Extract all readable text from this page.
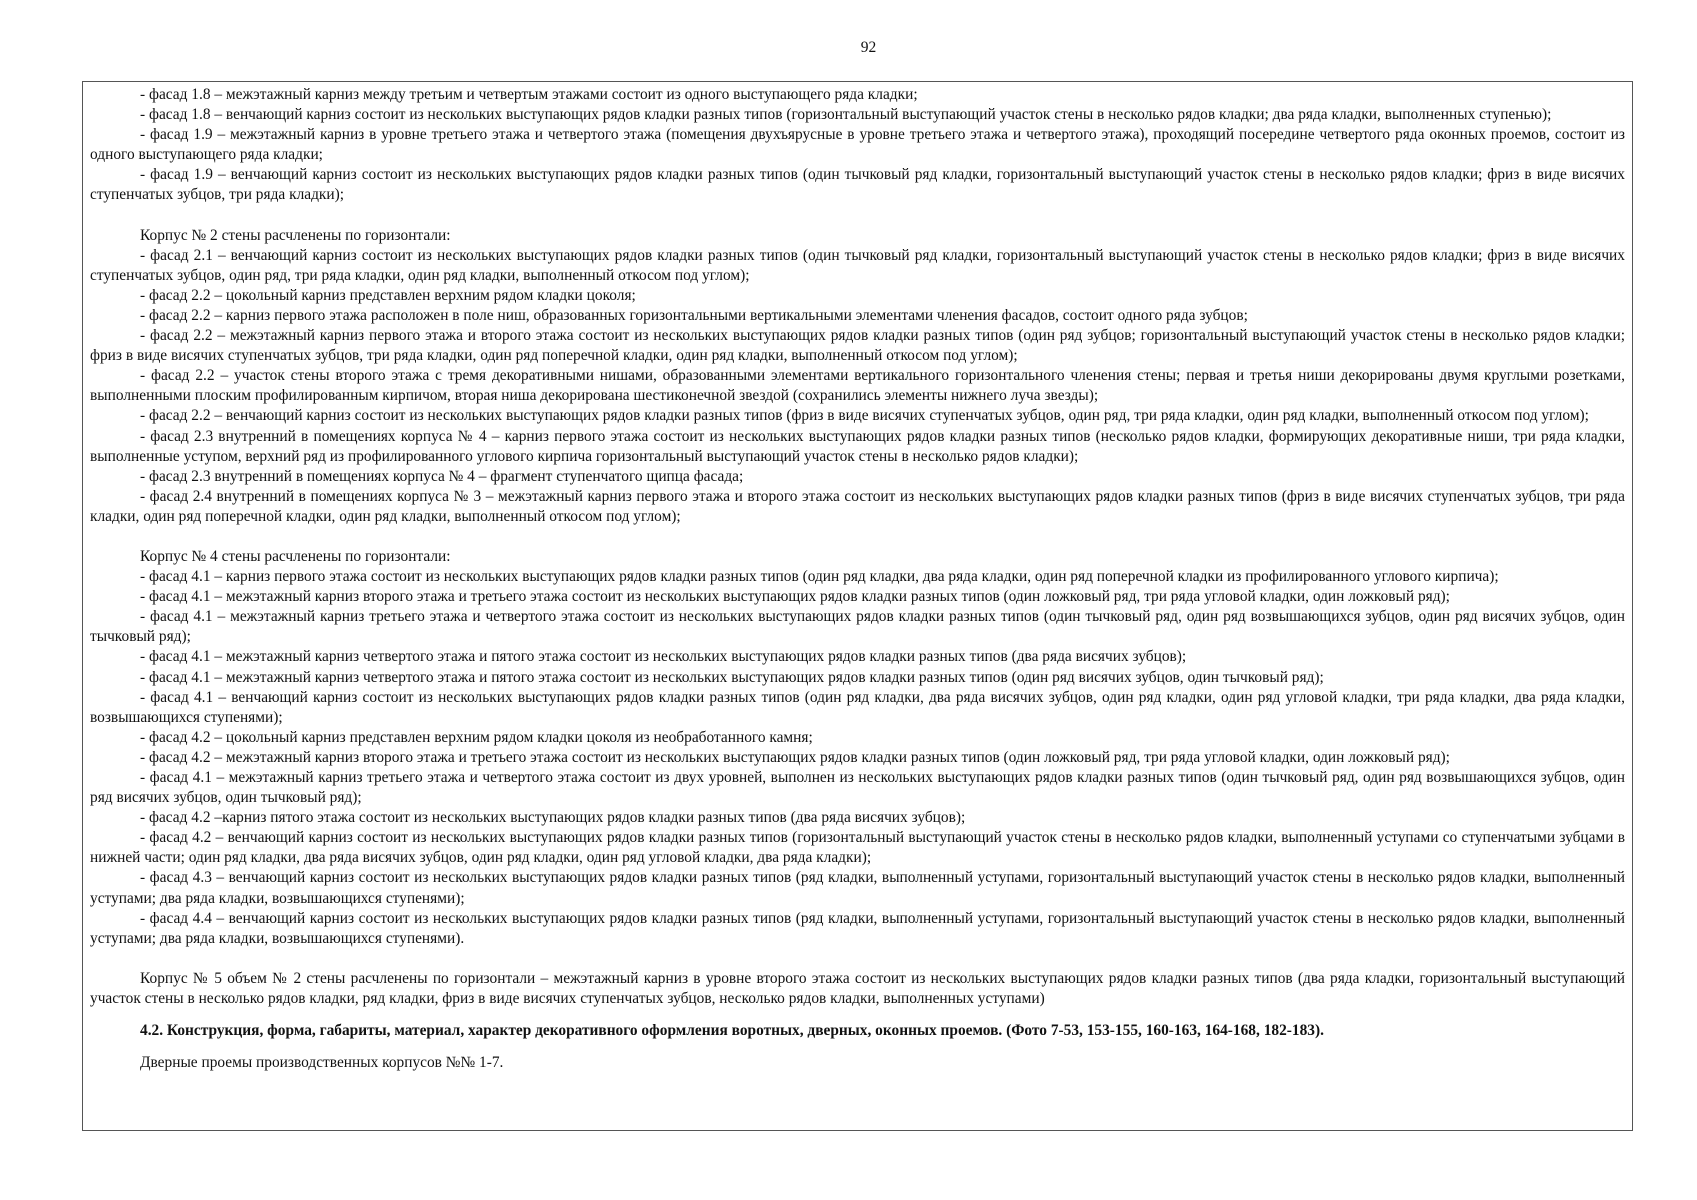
92
- фасад 1.8 – межэтажный карниз между третьим и четвертым этажами состоит из одного выступающего ряда кладки;
- фасад 1.8 – венчающий карниз состоит из нескольких выступающих рядов кладки разных типов (горизонтальный выступающий участок стены в несколько рядов кладки; два ряда кладки, выполненных ступенью);
- фасад 1.9 – межэтажный карниз в уровне третьего этажа и четвертого этажа (помещения двухъярусные в уровне третьего этажа и четвертого этажа), проходящий посередине четвертого ряда оконных проемов, состоит из одного выступающего ряда кладки;
- фасад 1.9 – венчающий карниз состоит из нескольких выступающих рядов кладки разных типов (один тычковый ряд кладки, горизонтальный выступающий участок стены в несколько рядов кладки; фриз в виде висячих ступенчатых зубцов, три ряда кладки);
Корпус № 2 стены расчленены по горизонтали:
- фасад 2.1 – венчающий карниз состоит из нескольких выступающих рядов кладки разных типов (один тычковый ряд кладки, горизонтальный выступающий участок стены в несколько рядов кладки; фриз в виде висячих ступенчатых зубцов, один ряд, три ряда кладки, один ряд кладки, выполненный откосом под углом);
- фасад 2.2 – цокольный карниз представлен верхним рядом кладки цоколя;
- фасад 2.2 – карниз первого этажа расположен в поле ниш, образованных горизонтальными вертикальными элементами членения фасадов, состоит одного ряда зубцов;
- фасад 2.2 – межэтажный карниз первого этажа и второго этажа состоит из нескольких выступающих рядов кладки разных типов (один ряд зубцов; горизонтальный выступающий участок стены в несколько рядов кладки; фриз в виде висячих ступенчатых зубцов, три ряда кладки, один ряд поперечной кладки, один ряд кладки, выполненный откосом под углом);
- фасад 2.2 – участок стены второго этажа с тремя декоративными нишами, образованными элементами вертикального горизонтального членения стены; первая и третья ниши декорированы двумя круглыми розетками, выполненными плоским профилированным кирпичом, вторая ниша декорирована шестиконечной звездой (сохранились элементы нижнего луча звезды);
- фасад 2.2 – венчающий карниз состоит из нескольких выступающих рядов кладки разных типов (фриз в виде висячих ступенчатых зубцов, один ряд, три ряда кладки, один ряд кладки, выполненный откосом под углом);
- фасад 2.3 внутренний в помещениях корпуса № 4 – карниз первого этажа состоит из нескольких выступающих рядов кладки разных типов (несколько рядов кладки, формирующих декоративные ниши, три ряда кладки, выполненные уступом, верхний ряд из профилированного углового кирпича горизонтальный выступающий участок стены в несколько рядов кладки);
- фасад 2.3 внутренний в помещениях корпуса № 4 – фрагмент ступенчатого щипца фасада;
- фасад 2.4 внутренний в помещениях корпуса № 3 – межэтажный карниз первого этажа и второго этажа состоит из нескольких выступающих рядов кладки разных типов (фриз в виде висячих ступенчатых зубцов, три ряда кладки, один ряд поперечной кладки, один ряд кладки, выполненный откосом под углом);
Корпус № 4 стены расчленены по горизонтали:
- фасад 4.1 – карниз первого этажа состоит из нескольких выступающих рядов кладки разных типов (один ряд кладки, два ряда кладки, один ряд поперечной кладки из профилированного углового кирпича);
- фасад 4.1 – межэтажный карниз второго этажа и третьего этажа состоит из нескольких выступающих рядов кладки разных типов (один ложковый ряд, три ряда угловой кладки, один ложковый ряд);
- фасад 4.1 – межэтажный карниз третьего этажа и четвертого этажа состоит из нескольких выступающих рядов кладки разных типов (один тычковый ряд, один ряд возвышающихся зубцов, один ряд висячих зубцов, один тычковый ряд);
- фасад 4.1 – межэтажный карниз четвертого этажа и пятого этажа состоит из нескольких выступающих рядов кладки разных типов (два ряда висячих зубцов);
- фасад 4.1 – межэтажный карниз четвертого этажа и пятого этажа состоит из нескольких выступающих рядов кладки разных типов (один ряд висячих зубцов, один тычковый ряд);
- фасад 4.1 – венчающий карниз состоит из нескольких выступающих рядов кладки разных типов (один ряд кладки, два ряда висячих зубцов, один ряд кладки, один ряд угловой кладки, три ряда кладки, два ряда кладки, возвышающихся ступенями);
- фасад 4.2 – цокольный карниз представлен верхним рядом кладки цоколя из необработанного камня;
- фасад 4.2 – межэтажный карниз второго этажа и третьего этажа состоит из нескольких выступающих рядов кладки разных типов (один ложковый ряд, три ряда угловой кладки, один ложковый ряд);
- фасад 4.1 – межэтажный карниз третьего этажа и четвертого этажа состоит из двух уровней, выполнен из нескольких выступающих рядов кладки разных типов (один тычковый ряд, один ряд возвышающихся зубцов, один ряд висячих зубцов, один тычковый ряд);
- фасад 4.2 –карниз пятого этажа состоит из нескольких выступающих рядов кладки разных типов (два ряда висячих зубцов);
- фасад 4.2 – венчающий карниз состоит из нескольких выступающих рядов кладки разных типов (горизонтальный выступающий участок стены в несколько рядов кладки, выполненный уступами со ступенчатыми зубцами в нижней части; один ряд кладки, два ряда висячих зубцов, один ряд кладки, один ряд угловой кладки, два ряда кладки);
- фасад 4.3 – венчающий карниз состоит из нескольких выступающих рядов кладки разных типов (ряд кладки, выполненный уступами, горизонтальный выступающий участок стены в несколько рядов кладки, выполненный уступами; два ряда кладки, возвышающихся ступенями);
- фасад 4.4 – венчающий карниз состоит из нескольких выступающих рядов кладки разных типов (ряд кладки, выполненный уступами, горизонтальный выступающий участок стены в несколько рядов кладки, выполненный уступами; два ряда кладки, возвышающихся ступенями).
Корпус № 5 объем № 2 стены расчленены по горизонтали – межэтажный карниз в уровне второго этажа состоит из нескольких выступающих рядов кладки разных типов (два ряда кладки, горизонтальный выступающий участок стены в несколько рядов кладки, ряд кладки, фриз в виде висячих ступенчатых зубцов, несколько рядов кладки, выполненных уступами)
4.2. Конструкция, форма, габариты, материал, характер декоративного оформления воротных, дверных, оконных проемов. (Фото 7-53, 153-155, 160-163, 164-168, 182-183).
Дверные проемы производственных корпусов №№ 1-7.
